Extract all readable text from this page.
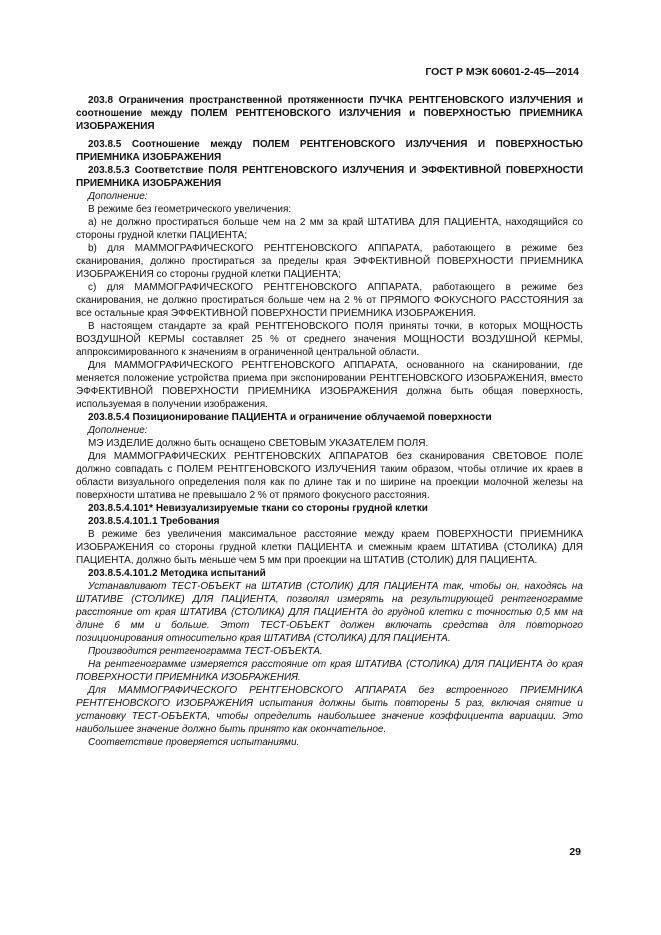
ГОСТ Р МЭК 60601-2-45—2014

203.8 Ограничения пространственной протяженности ПУЧКА РЕНТГЕНОВСКОГО ИЗЛУЧЕНИЯ и соотношение между ПОЛЕМ РЕНТГЕНОВСКОГО ИЗЛУЧЕНИЯ и ПОВЕРХНОСТЬЮ ПРИЕМНИКА ИЗОБРАЖЕНИЯ

203.8.5 Соотношение между ПОЛЕМ РЕНТГЕНОВСКОГО ИЗЛУЧЕНИЯ И ПОВЕРХНОСТЬЮ ПРИЕМНИКА ИЗОБРАЖЕНИЯ

203.8.5.3 Соответствие ПОЛЯ РЕНТГЕНОВСКОГО ИЗЛУЧЕНИЯ И ЭФФЕКТИВНОЙ ПОВЕРХНОСТИ ПРИЕМНИКА ИЗОБРАЖЕНИЯ

Дополнение:

В режиме без геометрического увеличения:

a) не должно простираться больше чем на 2 мм за край ШТАТИВА ДЛЯ ПАЦИЕНТА, находящийся со стороны грудной клетки ПАЦИЕНТА;

b) для МАММОГРАФИЧЕСКОГО РЕНТГЕНОВСКОГО АППАРАТА, работающего в режиме без сканирования, должно простираться за пределы края ЭФФЕКТИВНОЙ ПОВЕРХНОСТИ ПРИЕМНИКА ИЗОБРАЖЕНИЯ со стороны грудной клетки ПАЦИЕНТА;

c) для МАММОГРАФИЧЕСКОГО РЕНТГЕНОВСКОГО АППАРАТА, работающего в режиме без сканирования, не должно простираться больше чем на 2 % от ПРЯМОГО ФОКУСНОГО РАССТОЯНИЯ за все остальные края ЭФФЕКТИВНОЙ ПОВЕРХНОСТИ ПРИЕМНИКА ИЗОБРАЖЕНИЯ.

В настоящем стандарте за край РЕНТГЕНОВСКОГО ПОЛЯ приняты точки, в которых МОЩНОСТЬ ВОЗДУШНОЙ КЕРМЫ составляет 25 % от среднего значения МОЩНОСТИ ВОЗДУШНОЙ КЕРМЫ, аппроксимированного к значениям в ограниченной центральной области.

Для МАММОГРАФИЧЕСКОГО РЕНТГЕНОВСКОГО АППАРАТА, основанного на сканировании, где меняется положение устройства приема при экспонировании РЕНТГЕНОВСКОГО ИЗОБРАЖЕНИЯ, вместо ЭФФЕКТИВНОЙ ПОВЕРХНОСТИ ПРИЕМНИКА ИЗОБРАЖЕНИЯ должна быть общая поверхность, используемая в получении изображения.

203.8.5.4 Позиционирование ПАЦИЕНТА и ограничение облучаемой поверхности

Дополнение:

МЭ ИЗДЕЛИЕ должно быть оснащено СВЕТОВЫМ УКАЗАТЕЛЕМ ПОЛЯ.

Для МАММОГРАФИЧЕСКИХ РЕНТГЕНОВСКИХ АППАРАТОВ без сканирования СВЕТОВОЕ ПОЛЕ должно совпадать с ПОЛЕМ РЕНТГЕНОВСКОГО ИЗЛУЧЕНИЯ таким образом, чтобы отличие их краев в области визуального определения поля как по длине так и по ширине на проекции молочной железы на поверхности штатива не превышало 2 % от прямого фокусного расстояния.

203.8.5.4.101* Невизуализируемые ткани со стороны грудной клетки

203.8.5.4.101.1 Требования

В режиме без увеличения максимальное расстояние между краем ПОВЕРХНОСТИ ПРИЕМНИКА ИЗОБРАЖЕНИЯ со стороны грудной клетки ПАЦИЕНТА и смежным краем ШТАТИВА (СТОЛИКА) ДЛЯ ПАЦИЕНТА, должно быть меньше чем 5 мм при проекции на ШТАТИВ (СТОЛИК) ДЛЯ ПАЦИЕНТА.

203.8.5.4.101.2 Методика испытаний

Устанавливают ТЕСТ-ОБЪЕКТ на ШТАТИВ (СТОЛИК) ДЛЯ ПАЦИЕНТА так, чтобы он, находясь на ШТАТИВЕ (СТОЛИКЕ) ДЛЯ ПАЦИЕНТА, позволял измерять на результирующей рентгенограмме расстояние от края ШТАТИВА (СТОЛИКА) ДЛЯ ПАЦИЕНТА до грудной клетки с точностью 0,5 мм на длине 6 мм и больше. Этот ТЕСТ-ОБЪЕКТ должен включать средства для повторного позиционирования относительно края ШТАТИВА (СТОЛИКА) ДЛЯ ПАЦИЕНТА.

Производится рентгенограмма ТЕСТ-ОБЪЕКТА.

На рентгенограмме измеряется расстояние от края ШТАТИВА (СТОЛИКА) ДЛЯ ПАЦИЕНТА до края ПОВЕРХНОСТИ ПРИЕМНИКА ИЗОБРАЖЕНИЯ.

Для МАММОГРАФИЧЕСКОГО РЕНТГЕНОВСКОГО АППАРАТА без встроенного ПРИЕМНИКА РЕНТГЕНОВСКОГО ИЗОБРАЖЕНИЯ испытания должны быть повторены 5 раз, включая снятие и установку ТЕСТ-ОБЪЕКТА, чтобы определить наибольшее значение коэффициента вариации. Это наибольшее значение должно быть принято как окончательное.

Соответствие проверяется испытаниями.

29
